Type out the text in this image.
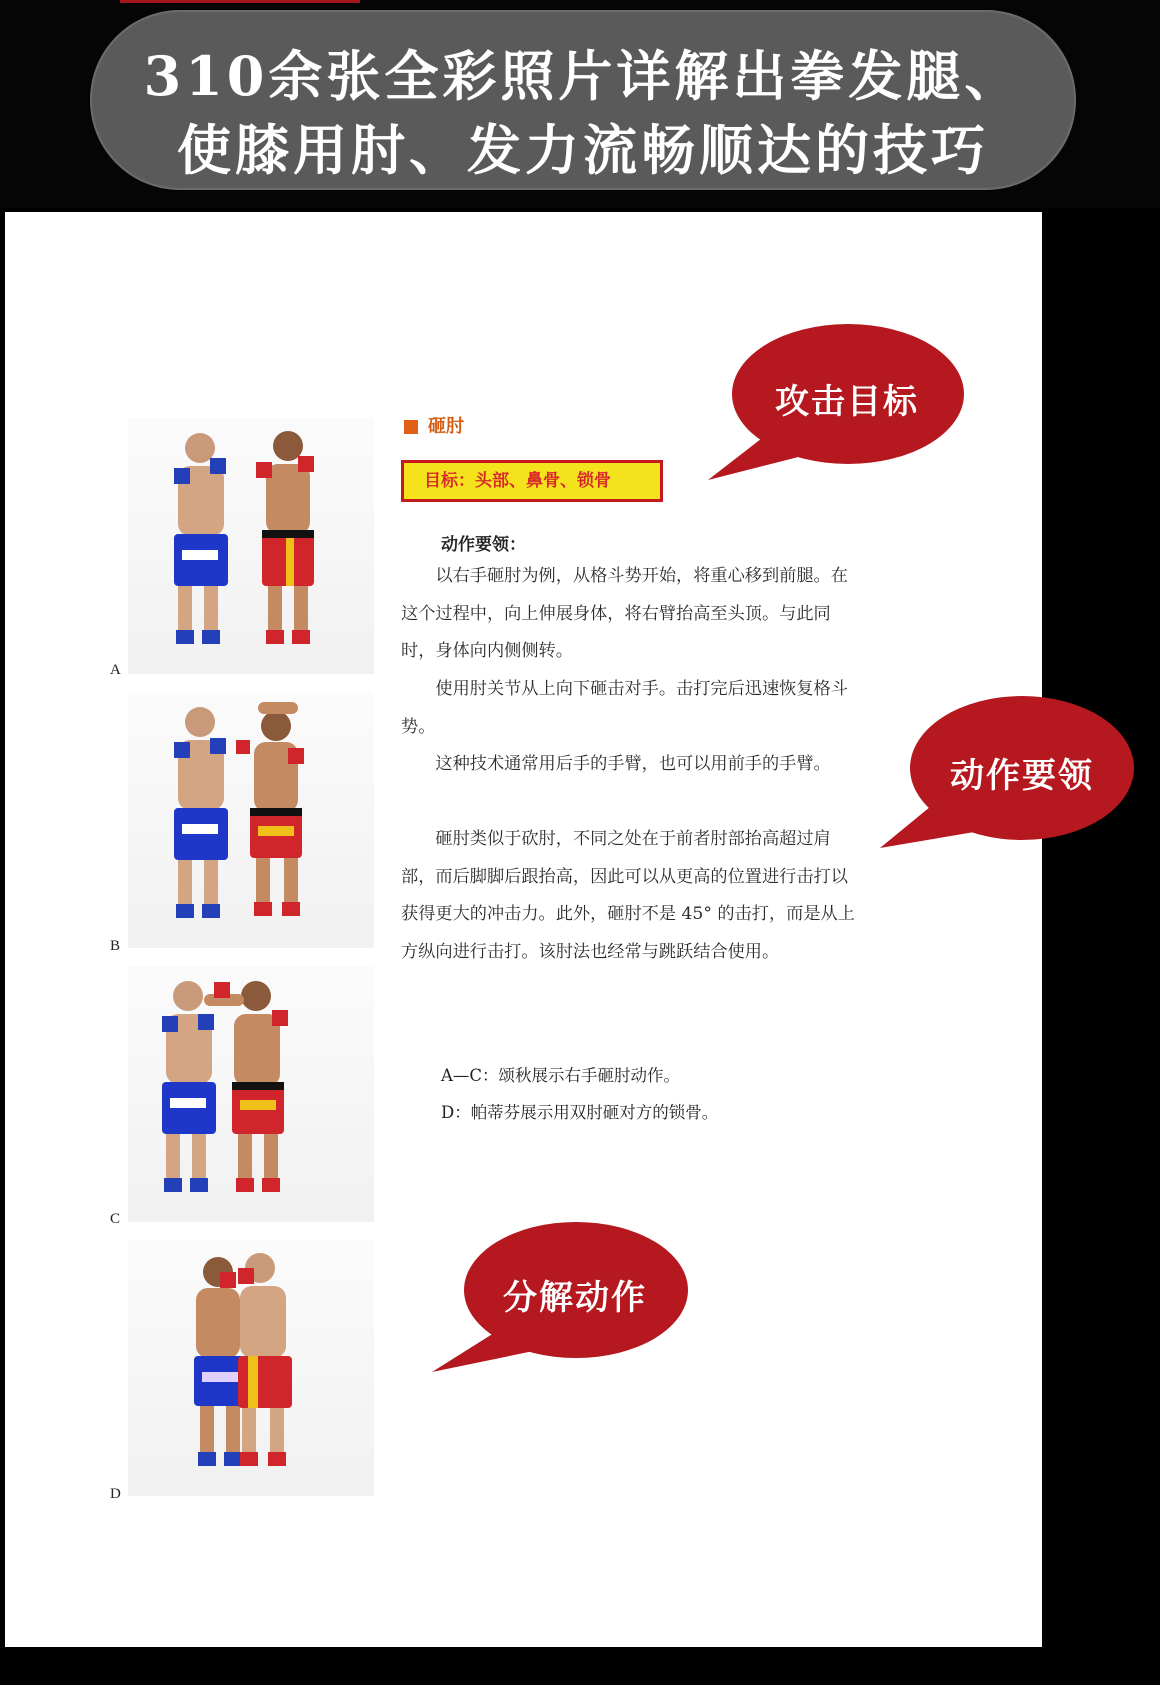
310余张全彩照片详解出拳发腿、
使膝用肘、发力流畅顺达的技巧
A
B
C
D
砸肘
目标：头部、鼻骨、锁骨
动作要领：

以右手砸肘为例，从格斗势开始，将重心移到前腿。在这个过程中，向上伸展身体，将右臂抬高至头顶。与此同时，身体向内侧侧转。

使用肘关节从上向下砸击对手。击打完后迅速恢复格斗势。

这种技术通常用后手的手臂，也可以用前手的手臂。

砸肘类似于砍肘，不同之处在于前者肘部抬高超过肩部，而后脚脚后跟抬高，因此可以从更高的位置进行击打以获得更大的冲击力。此外，砸肘不是 45° 的击打，而是从上方纵向进行击打。该肘法也经常与跳跃结合使用。

A—C：颂秋展示右手砸肘动作。
D：帕蒂芬展示用双肘砸对方的锁骨。
攻击目标
动作要领
分解动作
